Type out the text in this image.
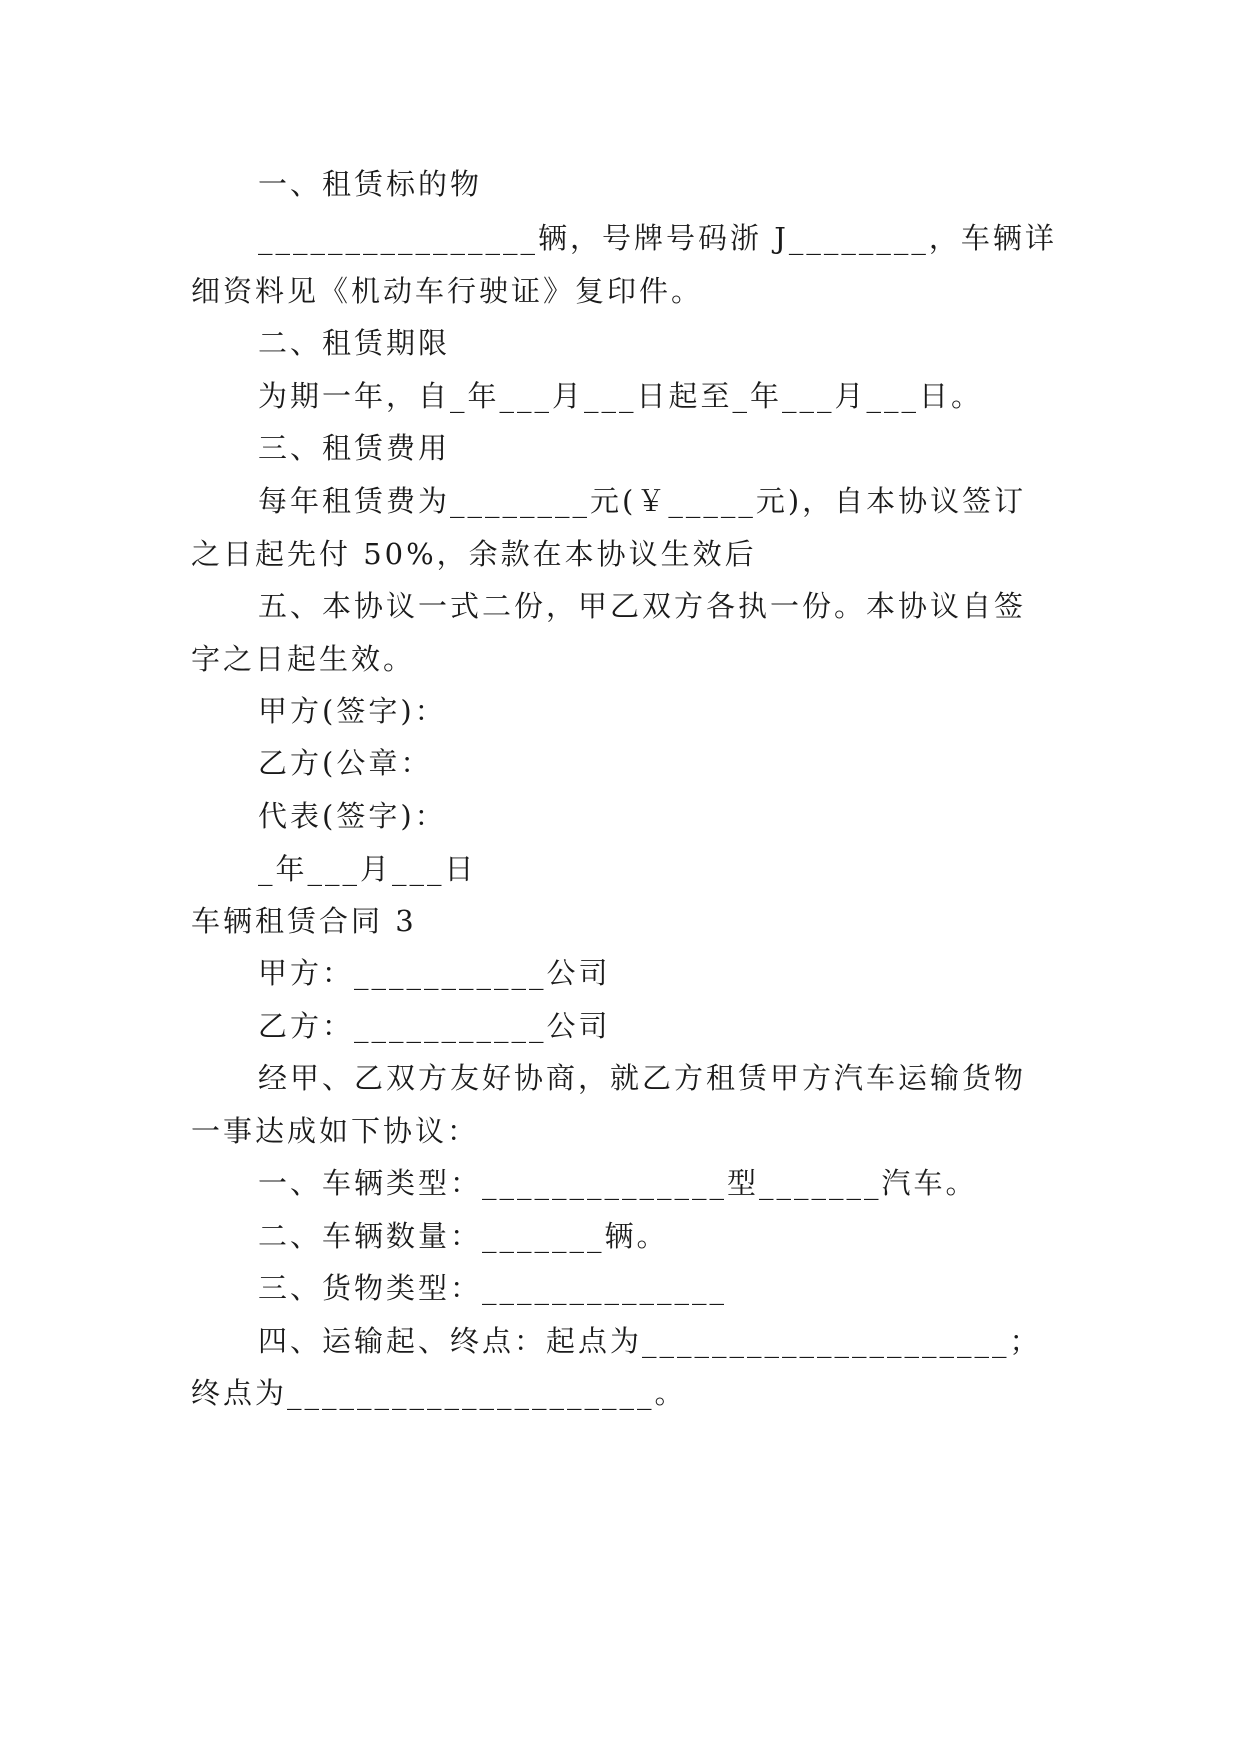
一、租赁标的物
________________辆，号牌号码浙 J________，车辆详
细资料见《机动车行驶证》复印件。
二、租赁期限
为期一年，自_年___月___日起至_年___月___日。
三、租赁费用
每年租赁费为________元(￥_____元)，自本协议签订
之日起先付 50%，余款在本协议生效后
五、本协议一式二份，甲乙双方各执一份。本协议自签
字之日起生效。
甲方(签字)：
乙方(公章：
代表(签字)：
_年___月___日
车辆租赁合同 3
甲方：___________公司
乙方：___________公司
经甲、乙双方友好协商，就乙方租赁甲方汽车运输货物
一事达成如下协议：
一、车辆类型：______________型_______汽车。
二、车辆数量：_______辆。
三、货物类型：______________
四、运输起、终点：起点为_____________________；
终点为_____________________。
